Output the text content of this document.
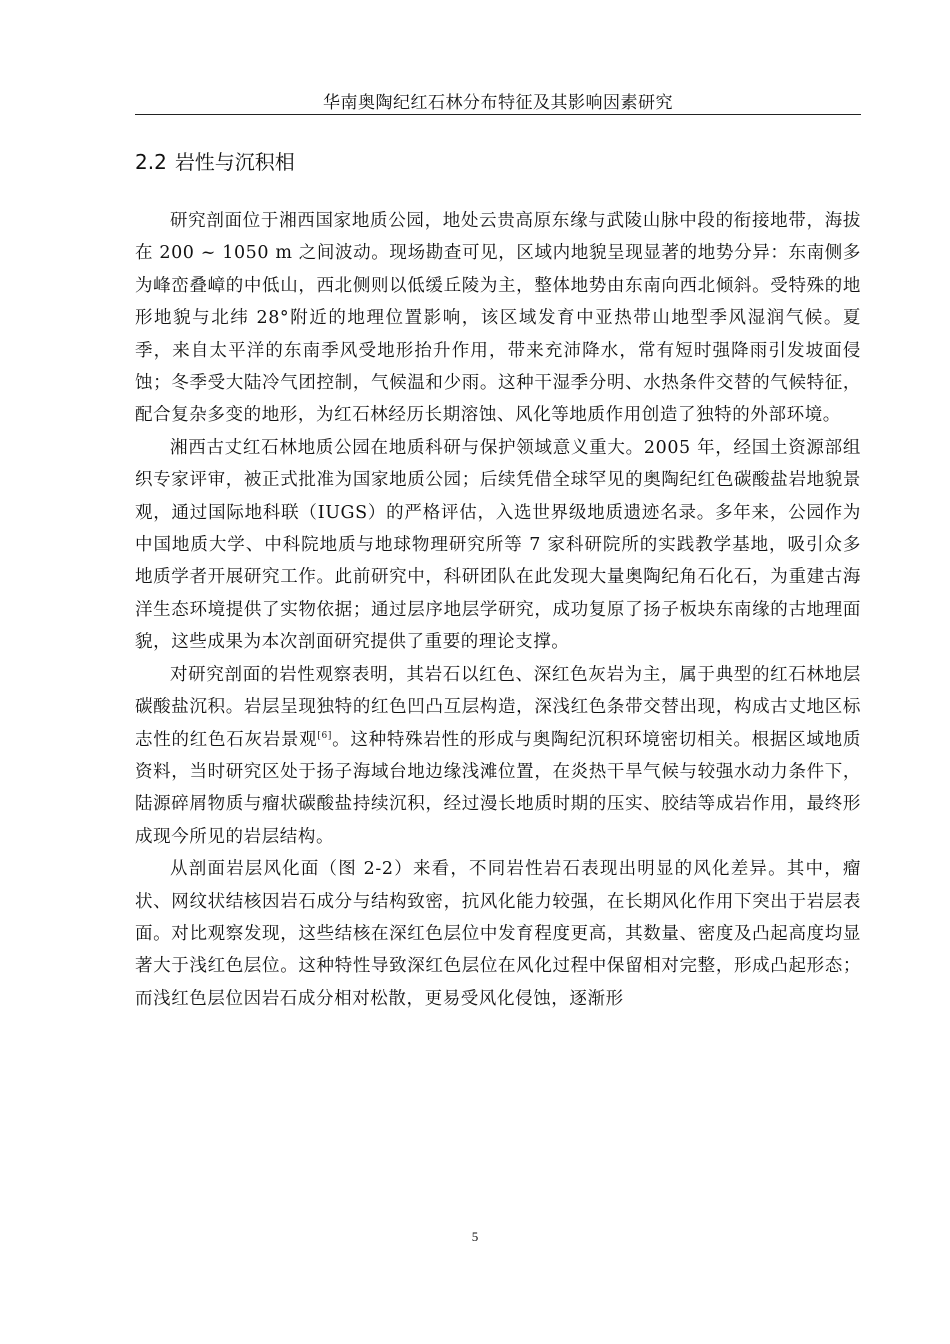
华南奥陶纪红石林分布特征及其影响因素研究
2.2 岩性与沉积相

研究剖面位于湘西国家地质公园，地处云贵高原东缘与武陵山脉中段的衔接地带，海拔在 200 ~ 1050 m 之间波动。现场勘查可见，区域内地貌呈现显著的地势分异：东南侧多为峰峦叠嶂的中低山，西北侧则以低缓丘陵为主，整体地势由东南向西北倾斜。受特殊的地形地貌与北纬 28°附近的地理位置影响，该区域发育中亚热带山地型季风湿润气候。夏季，来自太平洋的东南季风受地形抬升作用，带来充沛降水，常有短时强降雨引发坡面侵蚀；冬季受大陆冷气团控制，气候温和少雨。这种干湿季分明、水热条件交替的气候特征，配合复杂多变的地形，为红石林经历长期溶蚀、风化等地质作用创造了独特的外部环境。

湘西古丈红石林地质公园在地质科研与保护领域意义重大。2005 年，经国土资源部组织专家评审，被正式批准为国家地质公园；后续凭借全球罕见的奥陶纪红色碳酸盐岩地貌景观，通过国际地科联（IUGS）的严格评估，入选世界级地质遗迹名录。多年来，公园作为中国地质大学、中科院地质与地球物理研究所等 7 家科研院所的实践教学基地，吸引众多地质学者开展研究工作。此前研究中，科研团队在此发现大量奥陶纪角石化石，为重建古海洋生态环境提供了实物依据；通过层序地层学研究，成功复原了扬子板块东南缘的古地理面貌，这些成果为本次剖面研究提供了重要的理论支撑。

对研究剖面的岩性观察表明，其岩石以红色、深红色灰岩为主，属于典型的红石林地层碳酸盐沉积。岩层呈现独特的红色凹凸互层构造，深浅红色条带交替出现，构成古丈地区标志性的红色石灰岩景观[6]。这种特殊岩性的形成与奥陶纪沉积环境密切相关。根据区域地质资料，当时研究区处于扬子海域台地边缘浅滩位置，在炎热干旱气候与较强水动力条件下，陆源碎屑物质与瘤状碳酸盐持续沉积，经过漫长地质时期的压实、胶结等成岩作用，最终形成现今所见的岩层结构。

从剖面岩层风化面（图 2-2）来看，不同岩性岩石表现出明显的风化差异。其中，瘤状、网纹状结核因岩石成分与结构致密，抗风化能力较强，在长期风化作用下突出于岩层表面。对比观察发现，这些结核在深红色层位中发育程度更高，其数量、密度及凸起高度均显著大于浅红色层位。这种特性导致深红色层位在风化过程中保留相对完整，形成凸起形态；而浅红色层位因岩石成分相对松散，更易受风化侵蚀，逐渐形

5
